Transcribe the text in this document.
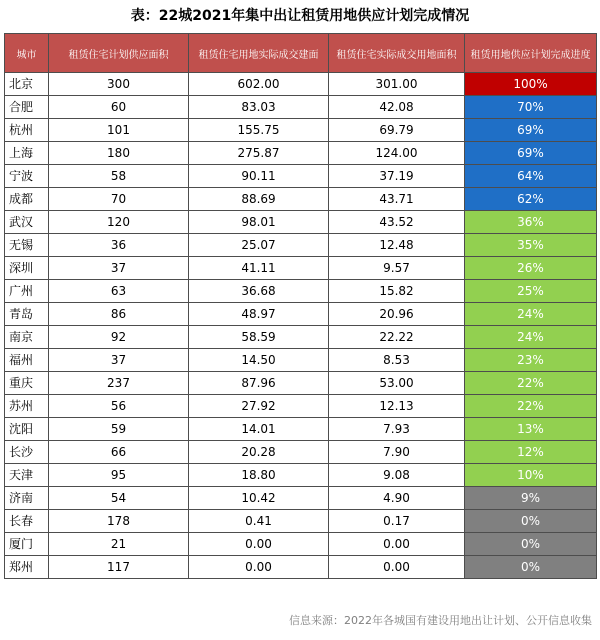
表：22城2021年集中出让租赁用地供应计划完成情况
城市	租赁住宅计划供应面积	租赁住宅用地实际成交建面	租赁住宅实际成交用地面积	租赁用地供应计划完成进度
北京	300	602.00	301.00	100%
合肥	60	83.03	42.08	70%
杭州	101	155.75	69.79	69%
上海	180	275.87	124.00	69%
宁波	58	90.11	37.19	64%
成都	70	88.69	43.71	62%
武汉	120	98.01	43.52	36%
无锡	36	25.07	12.48	35%
深圳	37	41.11	9.57	26%
广州	63	36.68	15.82	25%
青岛	86	48.97	20.96	24%
南京	92	58.59	22.22	24%
福州	37	14.50	8.53	23%
重庆	237	87.96	53.00	22%
苏州	56	27.92	12.13	22%
沈阳	59	14.01	7.93	13%
长沙	66	20.28	7.90	12%
天津	95	18.80	9.08	10%
济南	54	10.42	4.90	9%
长春	178	0.41	0.17	0%
厦门	21	0.00	0.00	0%
郑州	117	0.00	0.00	0%
信息来源：2022年各城国有建设用地出让计划、公开信息收集
